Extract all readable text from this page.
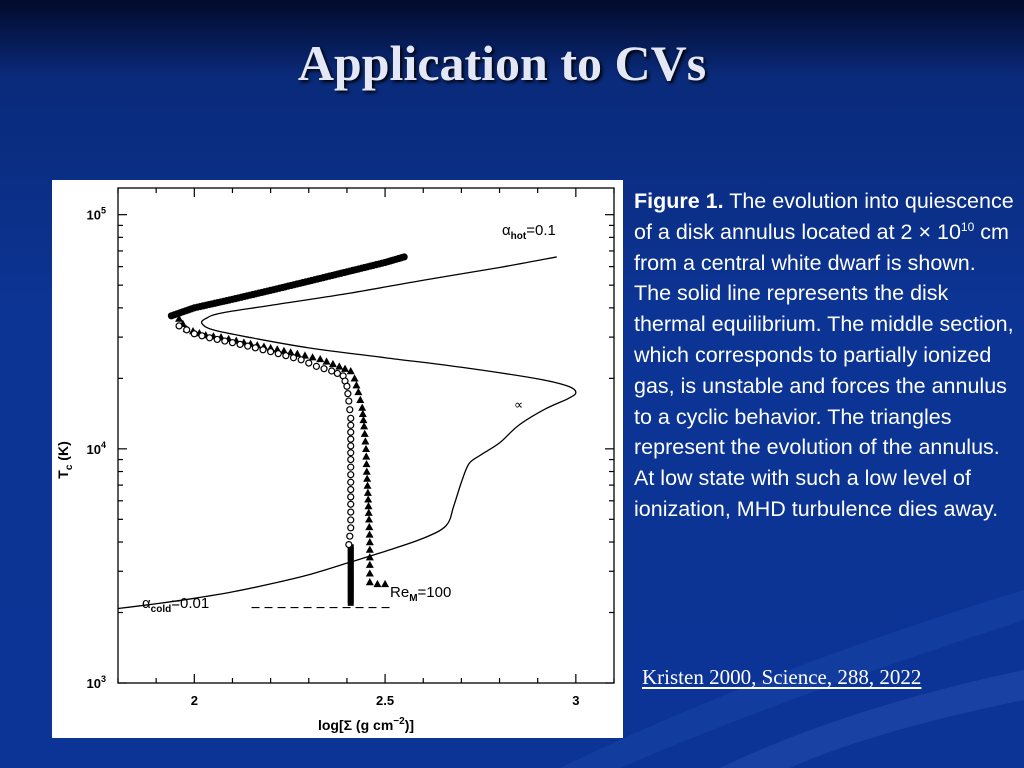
Application to CVs
2	2.5	3
$10^3$
$10^4$
$10^5$
$T_c$ (K)
log[Σ (g $cm^{-2}$)]
$\alpha_{hot}=0.1$
$\alpha_{cold}=0.01$
$Re_M=100$
∝
Figure 1. The evolution into quiescence of a disk annulus located at $2 \times 10^{10}$ cm from a central white dwarf is shown. The solid line represents the disk thermal equilibrium. The middle section, which corresponds to partially ionized gas, is unstable and forces the annulus to a cyclic behavior. The triangles represent the evolution of the annulus. At low state with such a low level of ionization, MHD turbulence dies away.
Kristen 2000, Science, 288, 2022
